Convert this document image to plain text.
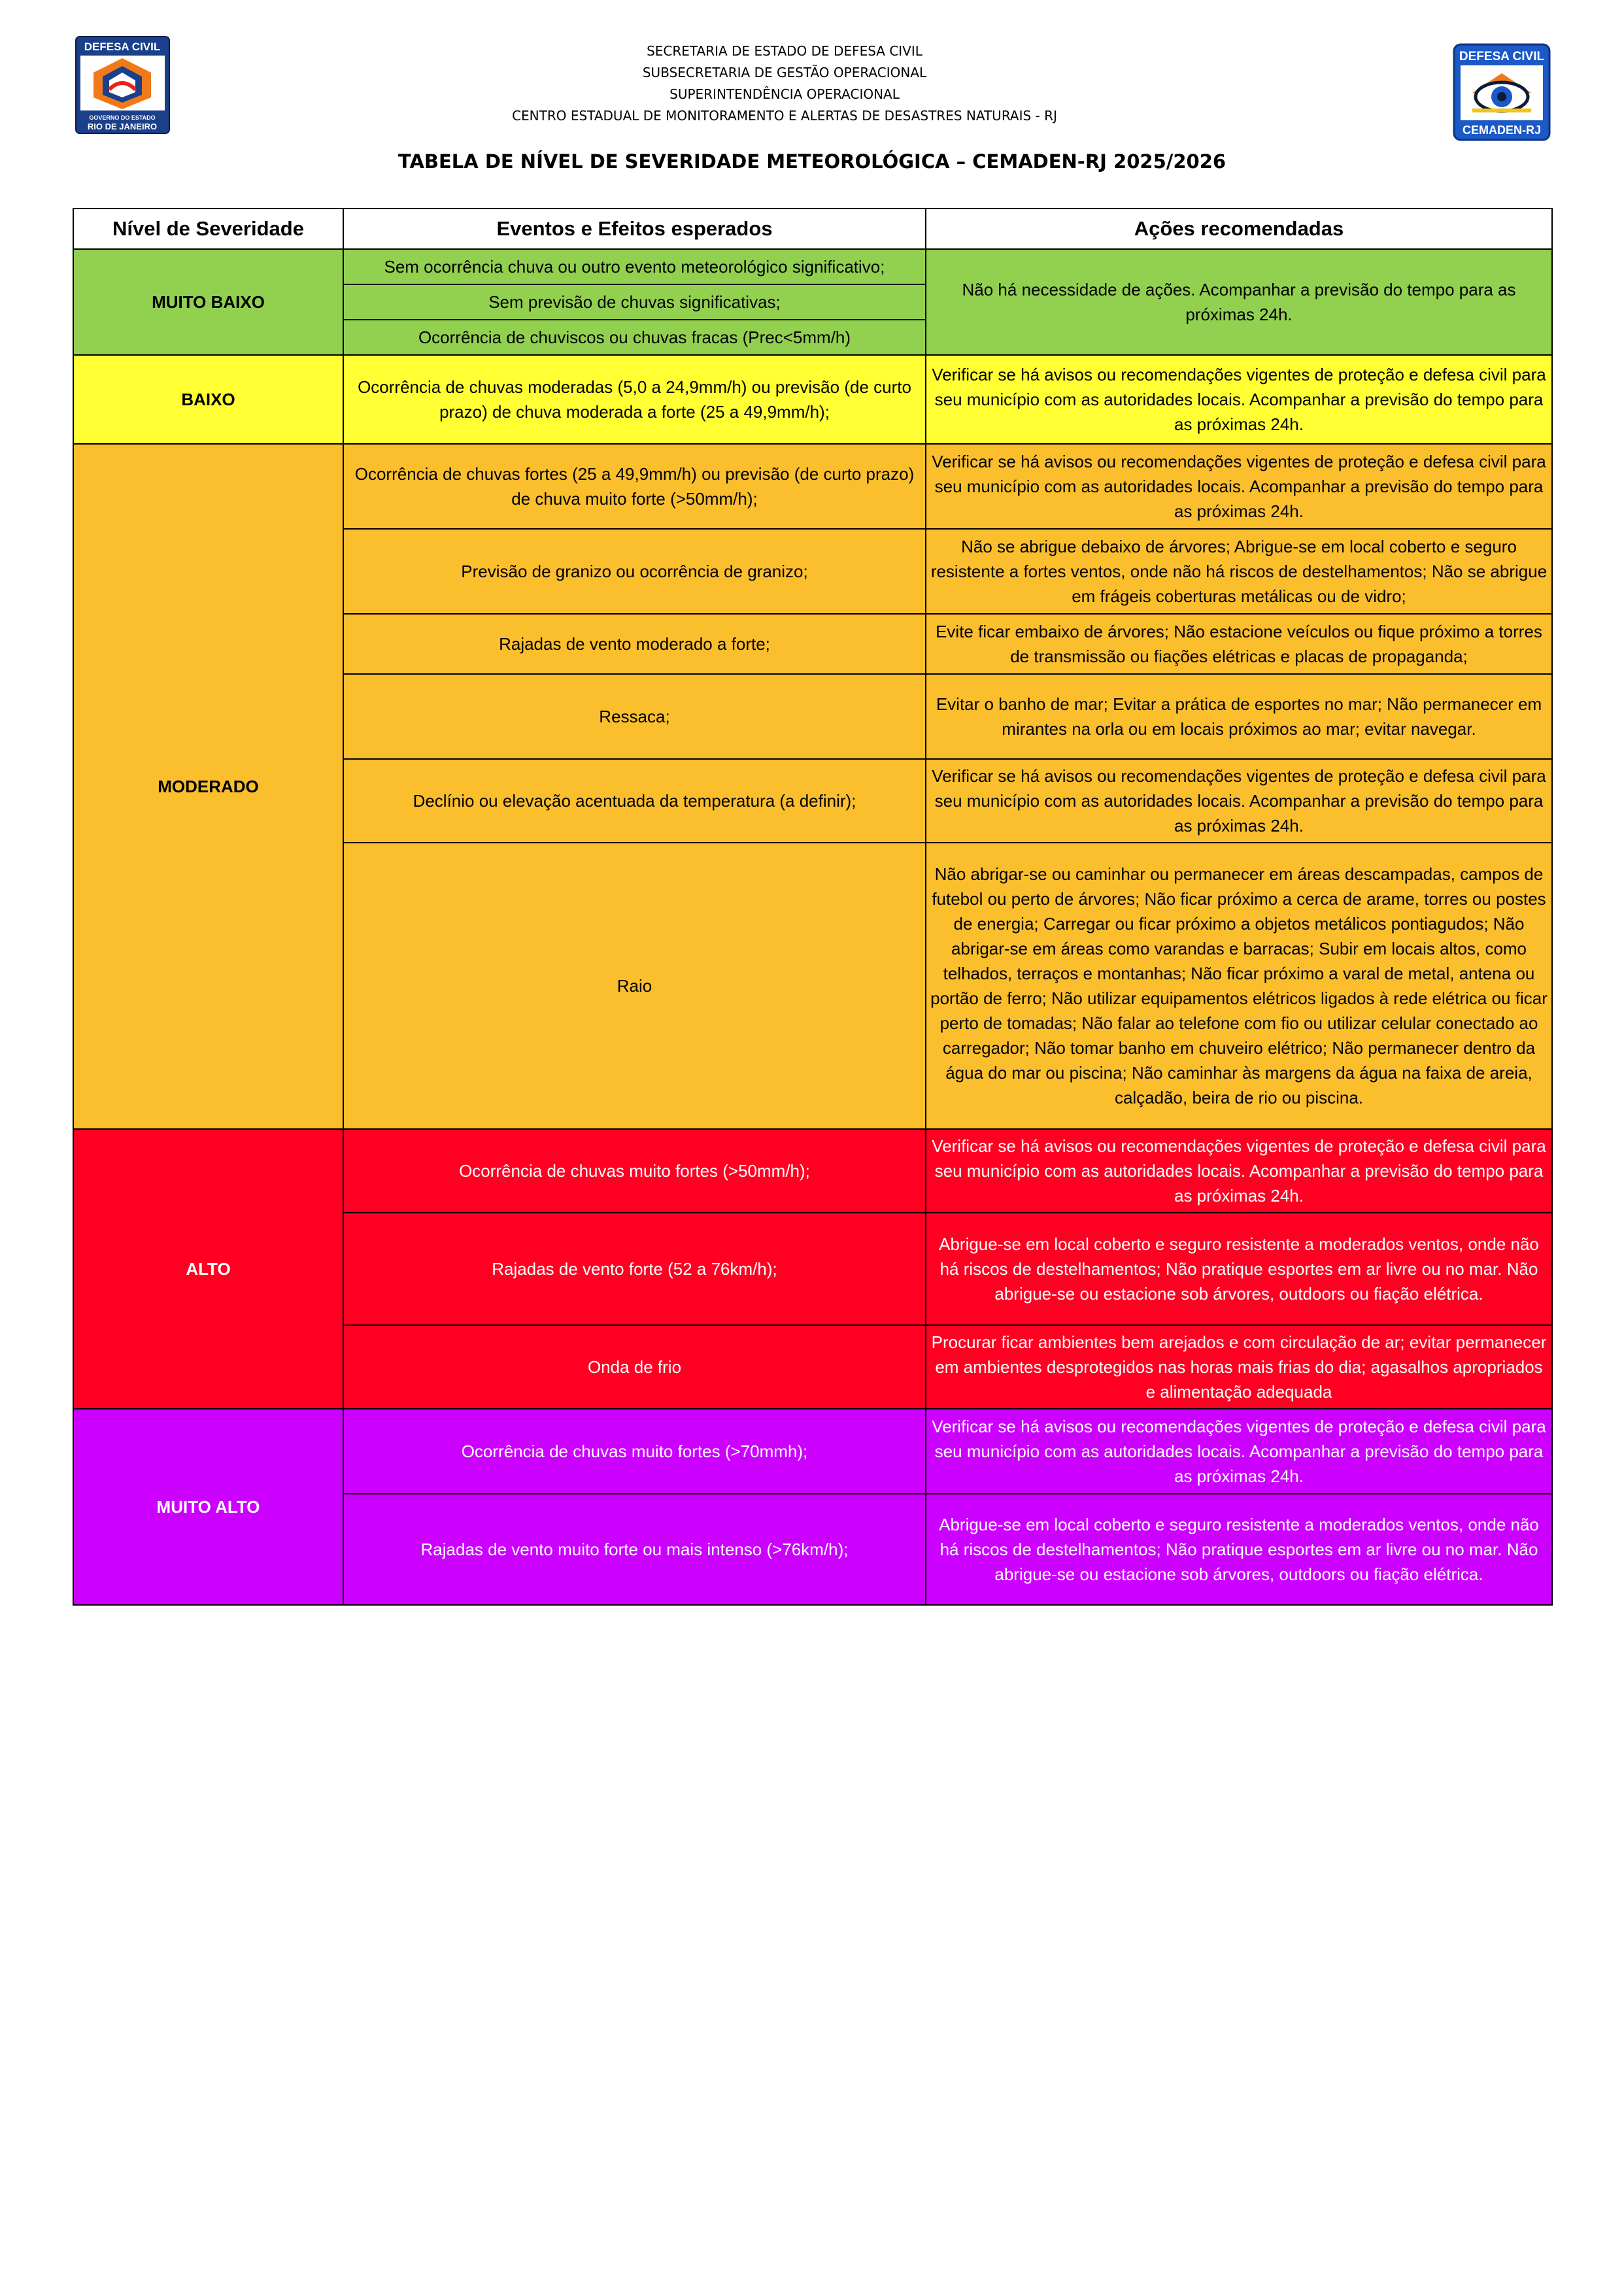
DEFESA CIVIL
GOVERNO DO ESTADO
RIO DE JANEIRO
SECRETARIA DE ESTADO DE DEFESA CIVIL
SUBSECRETARIA DE GESTÃO OPERACIONAL
SUPERINTENDÊNCIA OPERACIONAL
CENTRO ESTADUAL DE MONITORAMENTO E ALERTAS DE DESASTRES NATURAIS - RJ
DEFESA CIVIL
CEMADEN-RJ
TABELA DE NÍVEL DE SEVERIDADE METEOROLÓGICA – CEMADEN-RJ 2025/2026
Nível de Severidade	Eventos e Efeitos esperados	Ações recomendadas
MUITO BAIXO	Sem ocorrência chuva ou outro evento meteorológico significativo;	Não há necessidade de ações. Acompanhar a previsão do tempo para as próximas 24h.
	Sem previsão de chuvas significativas;	
	Ocorrência de chuviscos ou chuvas fracas (Prec<5mm/h)	
BAIXO	Ocorrência de chuvas moderadas (5,0 a 24,9mm/h) ou previsão (de curto prazo) de chuva moderada a forte (25 a 49,9mm/h);	Verificar se há avisos ou recomendações vigentes de proteção e defesa civil para seu município com as autoridades locais. Acompanhar a previsão do tempo para as próximas 24h.
MODERADO	Ocorrência de chuvas fortes (25 a 49,9mm/h) ou previsão (de curto prazo) de chuva muito forte (>50mm/h);	Verificar se há avisos ou recomendações vigentes de proteção e defesa civil para seu município com as autoridades locais. Acompanhar a previsão do tempo para as próximas 24h.
	Previsão de granizo ou ocorrência de granizo;	Não se abrigue debaixo de árvores; Abrigue-se em local coberto e seguro resistente a fortes ventos, onde não há riscos de destelhamentos; Não se abrigue em frágeis coberturas metálicas ou de vidro;
	Rajadas de vento moderado a forte;	Evite ficar embaixo de árvores; Não estacione veículos ou fique próximo a torres de transmissão ou fiações elétricas e placas de propaganda;
	Ressaca;	Evitar o banho de mar; Evitar a prática de esportes no mar; Não permanecer em mirantes na orla ou em locais próximos ao mar; evitar navegar.
	Declínio ou elevação acentuada da temperatura (a definir);	Verificar se há avisos ou recomendações vigentes de proteção e defesa civil para seu município com as autoridades locais. Acompanhar a previsão do tempo para as próximas 24h.
	Raio	Não abrigar-se ou caminhar ou permanecer em áreas descampadas, campos de futebol ou perto de árvores; Não ficar próximo a cerca de arame, torres ou postes de energia; Carregar ou ficar próximo a objetos metálicos pontiagudos; Não abrigar-se em áreas como varandas e barracas; Subir em locais altos, como telhados, terraços e montanhas; Não ficar próximo a varal de metal, antena ou portão de ferro; Não utilizar equipamentos elétricos ligados à rede elétrica ou ficar perto de tomadas; Não falar ao telefone com fio ou utilizar celular conectado ao carregador; Não tomar banho em chuveiro elétrico; Não permanecer dentro da água do mar ou piscina; Não caminhar às margens da água na faixa de areia, calçadão, beira de rio ou piscina.
ALTO	Ocorrência de chuvas muito fortes (>50mm/h);	Verificar se há avisos ou recomendações vigentes de proteção e defesa civil para seu município com as autoridades locais. Acompanhar a previsão do tempo para as próximas 24h.
	Rajadas de vento forte (52 a 76km/h);	Abrigue-se em local coberto e seguro resistente a moderados ventos, onde não há riscos de destelhamentos; Não pratique esportes em ar livre ou no mar. Não abrigue-se ou estacione sob árvores, outdoors ou fiação elétrica.
	Onda de frio	Procurar ficar ambientes bem arejados e com circulação de ar; evitar permanecer em ambientes desprotegidos nas horas mais frias do dia; agasalhos apropriados e alimentação adequada
MUITO ALTO	Ocorrência de chuvas muito fortes (>70mmh);	Verificar se há avisos ou recomendações vigentes de proteção e defesa civil para seu município com as autoridades locais. Acompanhar a previsão do tempo para as próximas 24h.
	Rajadas de vento muito forte ou mais intenso (>76km/h);	Abrigue-se em local coberto e seguro resistente a moderados ventos, onde não há riscos de destelhamentos; Não pratique esportes em ar livre ou no mar. Não abrigue-se ou estacione sob árvores, outdoors ou fiação elétrica.
